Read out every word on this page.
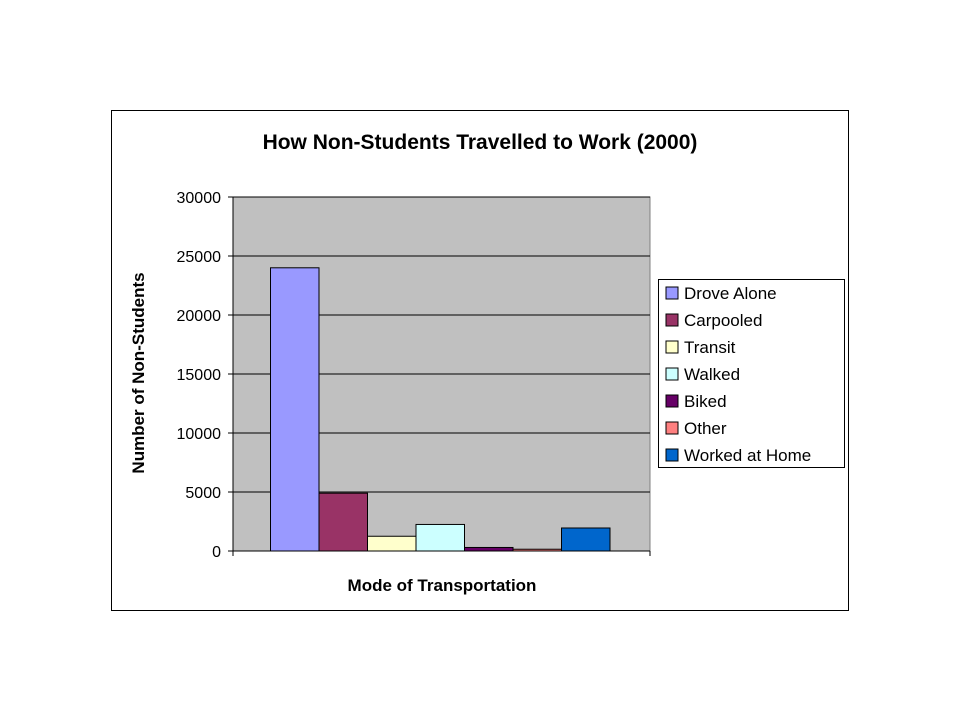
How Non-Students Travelled to Work (2000)
0
5000
10000
15000
20000
25000
30000
Mode of Transportation
Number of Non-Students	Drove Alone
Carpooled
Transit
Walked
Biked
Other
Worked at Home
